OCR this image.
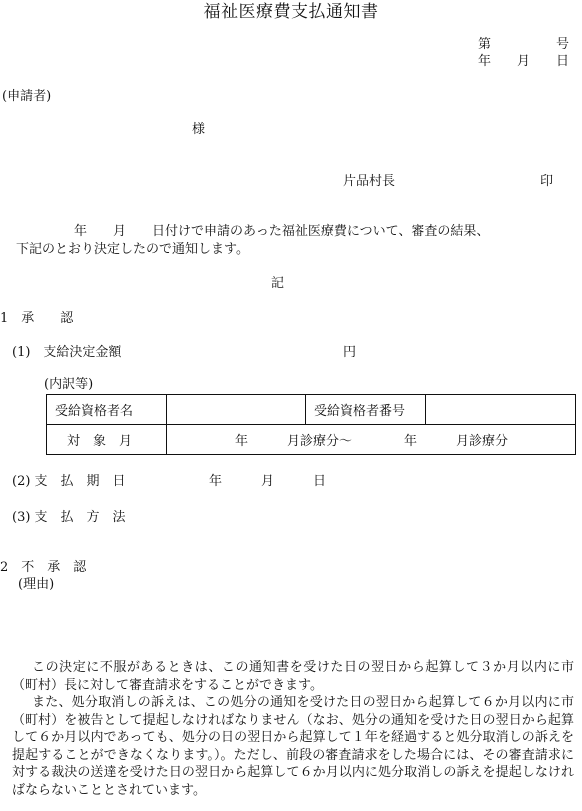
福祉医療費支払通知書
第　　　　　号
年　　月　　日
(申請者)
様
片品村長	印
年　　月　　日付けで申請のあった福祉医療費について、審査の結果、
下記のとおり決定したので通知します。
記
1　承　　認
(1)　支給決定金額	円
(内訳等)
受給資格者名		受給資格者番号	
対　象　月	年　　　月診療分～　　　　年　　　月診療分		
(2) 支　払　期　日	年　　　月　　　日
(3) 支　払　方　法
2　不　承　認
(理由)
この決定に不服があるときは、この通知書を受けた日の翌日から起算して３か月以内に市（町村）長に対して審査請求をすることができます。
また、処分取消しの訴えは、この処分の通知を受けた日の翌日から起算して６か月以内に市（町村）を被告として提起しなければなりません（なお、処分の通知を受けた日の翌日から起算して６か月以内であっても、処分の日の翌日から起算して１年を経過すると処分取消しの訴えを提起することができなくなります。）。ただし、前段の審査請求をした場合には、その審査請求に対する裁決の送達を受けた日の翌日から起算して６か月以内に処分取消しの訴えを提起しなければならないこととされています。
